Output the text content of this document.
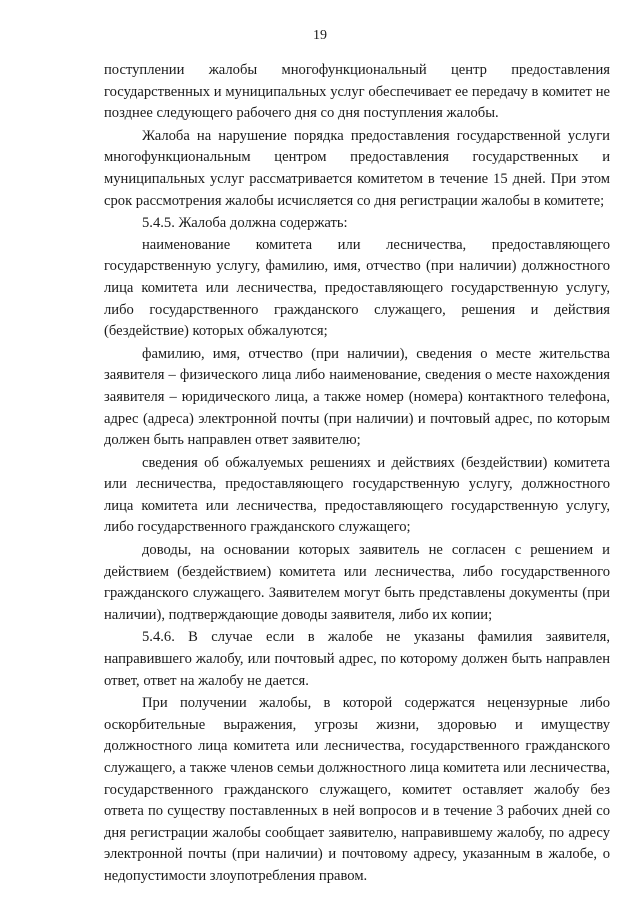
19

поступлении жалобы многофункциональный центр предоставления государственных и муниципальных услуг обеспечивает ее передачу в комитет не позднее следующего рабочего дня со дня поступления жалобы.

Жалоба на нарушение порядка предоставления государственной услуги многофункциональным центром предоставления государственных и муниципальных услуг рассматривается комитетом в течение 15 дней. При этом срок рассмотрения жалобы исчисляется со дня регистрации жалобы в комитете;

5.4.5. Жалоба должна содержать:

наименование комитета или лесничества, предоставляющего государственную услугу, фамилию, имя, отчество (при наличии) должностного лица комитета или лесничества, предоставляющего государственную услугу, либо государственного гражданского служащего, решения и действия (бездействие) которых обжалуются;

фамилию, имя, отчество (при наличии), сведения о месте жительства заявителя – физического лица либо наименование, сведения о месте нахождения заявителя – юридического лица, а также номер (номера) контактного телефона, адрес (адреса) электронной почты (при наличии) и почтовый адрес, по которым должен быть направлен ответ заявителю;

сведения об обжалуемых решениях и действиях (бездействии) комитета или лесничества, предоставляющего государственную услугу, должностного лица комитета или лесничества, предоставляющего государственную услугу, либо государственного гражданского служащего;

доводы, на основании которых заявитель не согласен с решением и действием (бездействием) комитета или лесничества, либо государственного гражданского служащего. Заявителем могут быть представлены документы (при наличии), подтверждающие доводы заявителя, либо их копии;

5.4.6. В случае если в жалобе не указаны фамилия заявителя, направившего жалобу, или почтовый адрес, по которому должен быть направлен ответ, ответ на жалобу не дается.

При получении жалобы, в которой содержатся нецензурные либо оскорбительные выражения, угрозы жизни, здоровью и имуществу должностного лица комитета или лесничества, государственного гражданского служащего, а также членов семьи должностного лица комитета или лесничества, государственного гражданского служащего, комитет оставляет жалобу без ответа по существу поставленных в ней вопросов и в течение 3 рабочих дней со дня регистрации жалобы сообщает заявителю, направившему жалобу, по адресу электронной почты (при наличии) и почтовому адресу, указанным в жалобе, о недопустимости злоупотребления правом.
